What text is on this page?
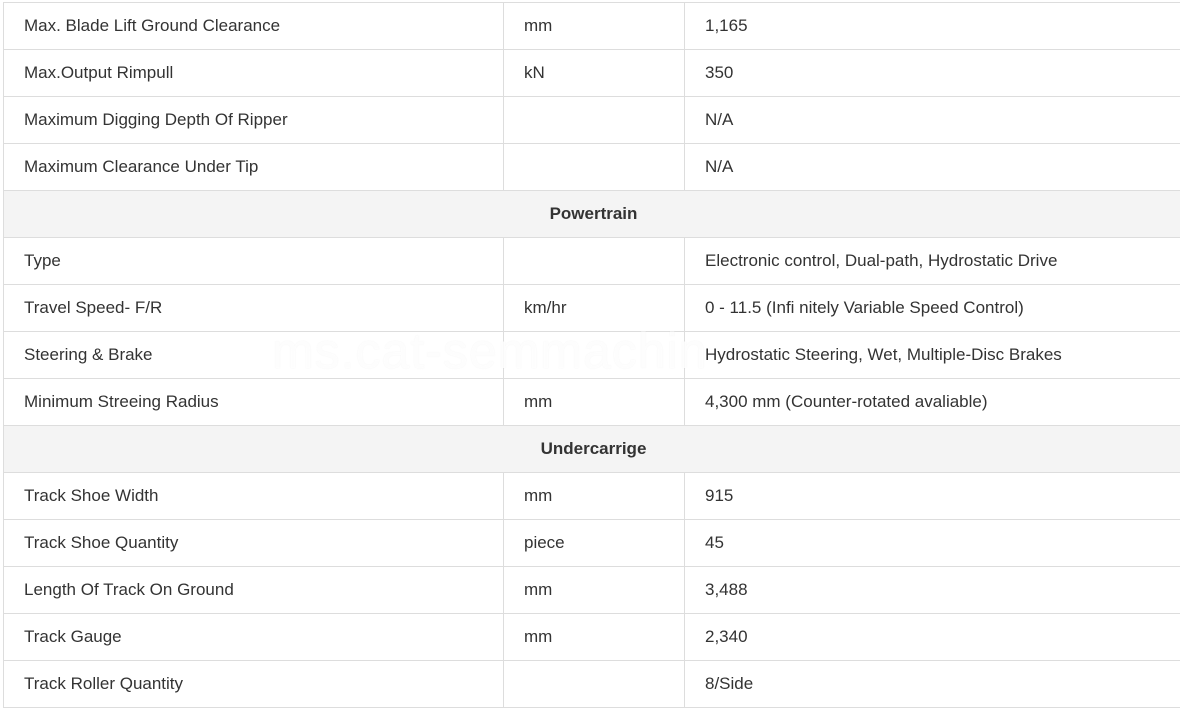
Max. Blade Lift Ground Clearance	mm	1,165
Max.Output Rimpull	kN	350
Maximum Digging Depth Of Ripper		N/A
Maximum Clearance Under Tip		N/A
Powertrain		
Type		Electronic control, Dual-path, Hydrostatic Drive
Travel Speed- F/R	km/hr	0 - 11.5 (Infi nitely Variable Speed Control)
Steering & Brake		Hydrostatic Steering, Wet, Multiple-Disc Brakes
Minimum Streeing Radius	mm	4,300 mm (Counter-rotated avaliable)
Undercarrige		
Track Shoe Width	mm	915
Track Shoe Quantity	piece	45
Length Of Track On Ground	mm	3,488
Track Gauge	mm	2,340
Track Roller Quantity		8/Side
ms.cat-semmachin
